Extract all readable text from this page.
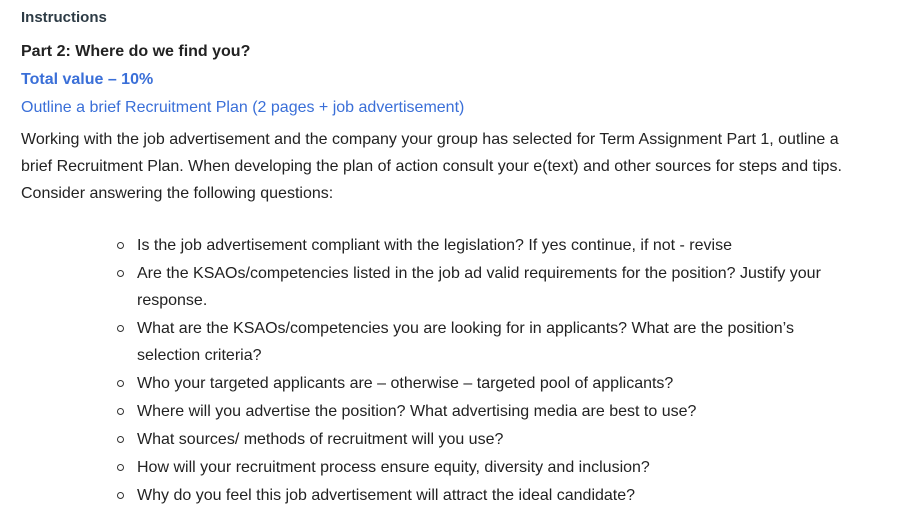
Instructions
Part 2: Where do we find you?
Total value – 10%
Outline a brief Recruitment Plan (2 pages + job advertisement)
Working with the job advertisement and the company your group has selected for Term Assignment Part 1, outline a brief Recruitment Plan. When developing the plan of action consult your e(text) and other sources for steps and tips. Consider answering the following questions:
Is the job advertisement compliant with the legislation? If yes continue, if not - revise
Are the KSAOs/competencies listed in the job ad valid requirements for the position? Justify your response.
What are the KSAOs/competencies you are looking for in applicants? What are the position’s selection criteria?
Who your targeted applicants are – otherwise – targeted pool of applicants?
Where will you advertise the position? What advertising media are best to use?
What sources/ methods of recruitment will you use?
How will your recruitment process ensure equity, diversity and inclusion?
Why do you feel this job advertisement will attract the ideal candidate?
